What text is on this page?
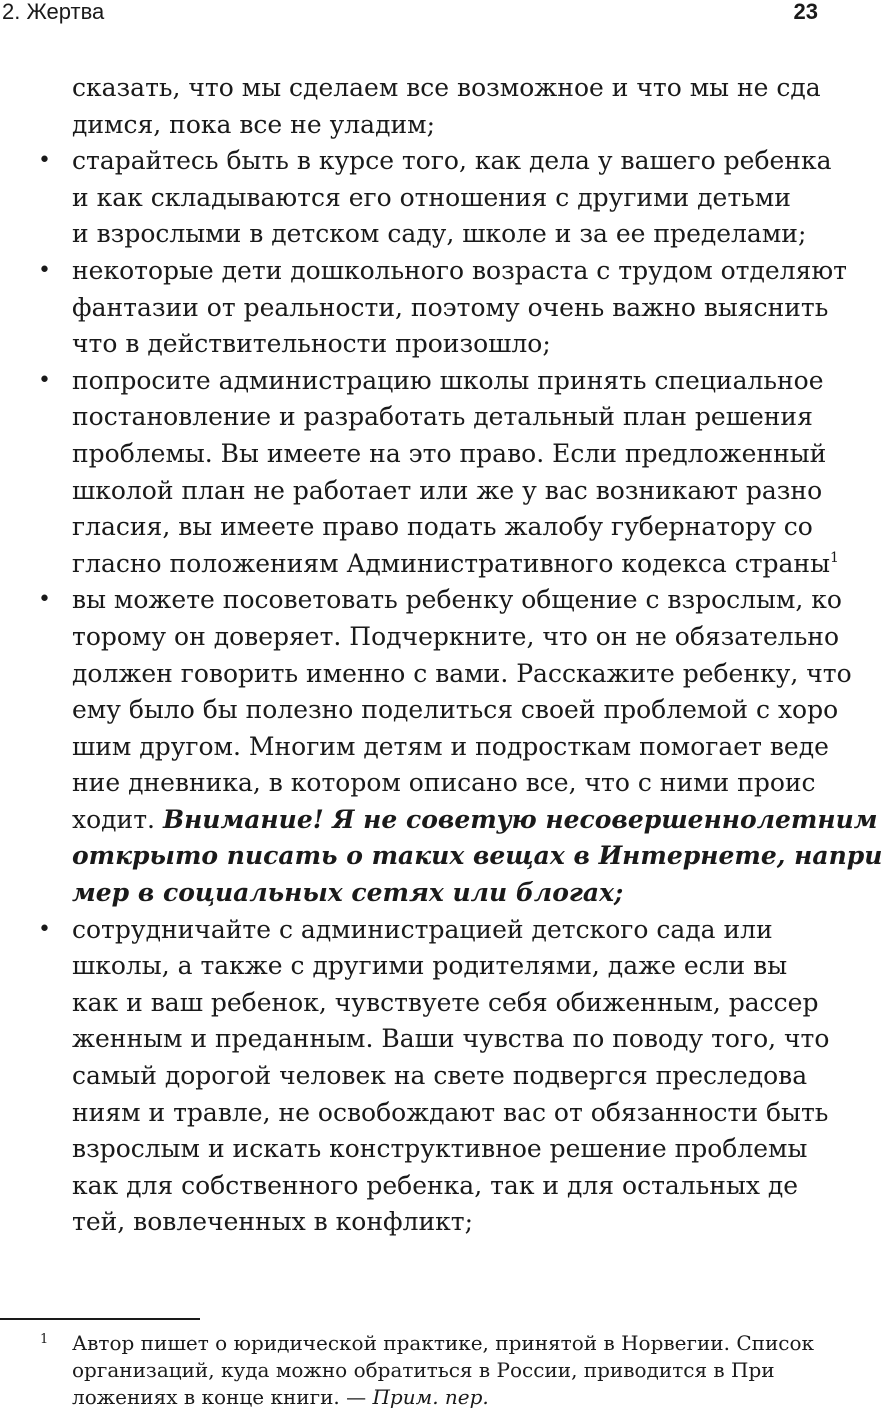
2. Жертва	23
сказать, что мы сделаем все возможное и что мы не сда
димся, пока все не уладим;
• старайтесь быть в курсе того, как дела у вашего ребенка
и как складываются его отношения с другими детьми
и взрослыми в детском саду, школе и за ее пределами;
• некоторые дети дошкольного возраста с трудом отделяют
фантазии от реальности, поэтому очень важно выяснить
что в действительности произошло;
• попросите администрацию школы принять специальное
постановление и разработать детальный план решения
проблемы. Вы имеете на это право. Если предложенный
школой план не работает или же у вас возникают разно
гласия, вы имеете право подать жалобу губернатору со
гласно положениям Административного кодекса страны$^1$
• вы можете посоветовать ребенку общение с взрослым, ко
торому он доверяет. Подчеркните, что он не обязательно
должен говорить именно с вами. Расскажите ребенку, что
ему было бы полезно поделиться своей проблемой с хоро
шим другом. Многим детям и подросткам помогает веде
ние дневника, в котором описано все, что с ними проис
ходит. Внимание! Я не советую несовершеннолетним
открыто писать о таких вещах в Интернете, напри
мер в социальных сетях или блогах;
• сотрудничайте с администрацией детского сада или
школы, а также с другими родителями, даже если вы
как и ваш ребенок, чувствуете себя обиженным, рассер
женным и преданным. Ваши чувства по поводу того, что
самый дорогой человек на свете подвергся преследова
ниям и травле, не освобождают вас от обязанности быть
взрослым и искать конструктивное решение проблемы
как для собственного ребенка, так и для остальных де
тей, вовлеченных в конфликт;
1 Автор пишет о юридической практике, принятой в Норвегии. Список
организаций, куда можно обратиться в России, приводится в При
ложениях в конце книги. — Прим. пер.
